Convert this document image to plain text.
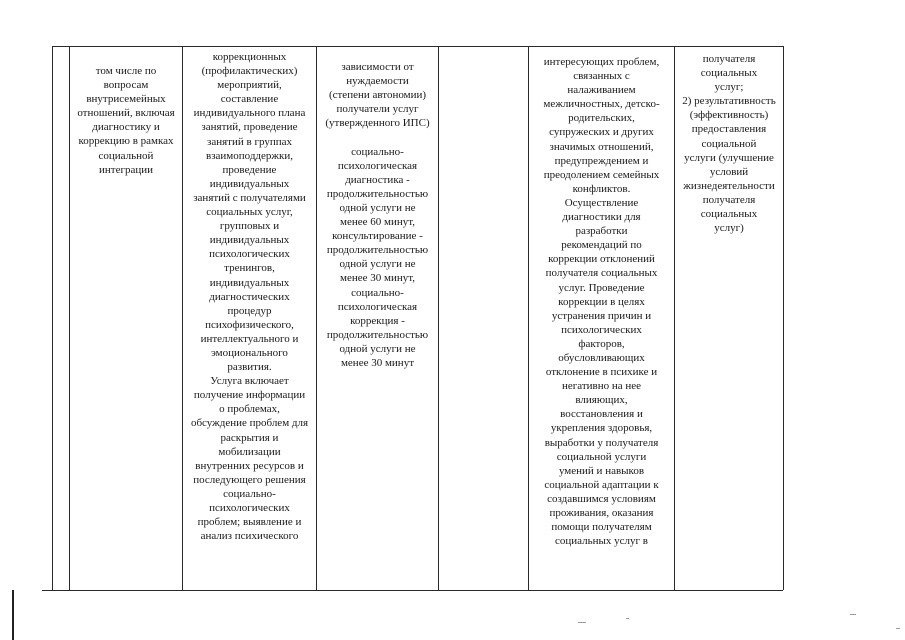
том числе по
вопросам
внутрисемейных
отношений, включая
диагностику и
коррекцию в рамках
социальной
интеграции
коррекционных
(профилактических)
мероприятий,
составление
индивидуального плана
занятий, проведение
занятий в группах
взаимоподдержки,
проведение
индивидуальных
занятий с получателями
социальных услуг,
групповых и
индивидуальных
психологических
тренингов,
индивидуальных
диагностических
процедур
психофизического,
интеллектуального и
эмоционального
развития.
Услуга включает
получение информации
о проблемах,
обсуждение проблем для
раскрытия и
мобилизации
внутренних ресурсов и
последующего решения
социально-
психологических
проблем; выявление и
анализ психического
зависимости от
нуждаемости
(степени автономии)
получатели услуг
(утвержденного ИПС)

социально-
психологическая
диагностика -
продолжительностью
одной услуги не
менее 60 минут,
консультирование -
продолжительностью
одной услуги не
менее 30 минут,
социально-
психологическая
коррекция -
продолжительностью
одной услуги не
менее 30 минут
интересующих проблем,
связанных с
налаживанием
межличностных, детско-
родительских,
супружеских и других
значимых отношений,
предупреждением и
преодолением семейных
конфликтов.
Осуществление
диагностики для
разработки
рекомендаций по
коррекции отклонений
получателя социальных
услуг. Проведение
коррекции в целях
устранения причин и
психологических
факторов,
обусловливающих
отклонение в психике и
негативно на нее
влияющих,
восстановления и
укрепления здоровья,
выработки у получателя
социальной услуги
умений и навыков
социальной адаптации к
создавшимся условиям
проживания, оказания
помощи получателям
социальных услуг в
получателя социальных
услуг;
2) результативность
(эффективность)
предоставления социальной
услуги (улучшение условий
жизнедеятельности
получателя социальных
услуг)
